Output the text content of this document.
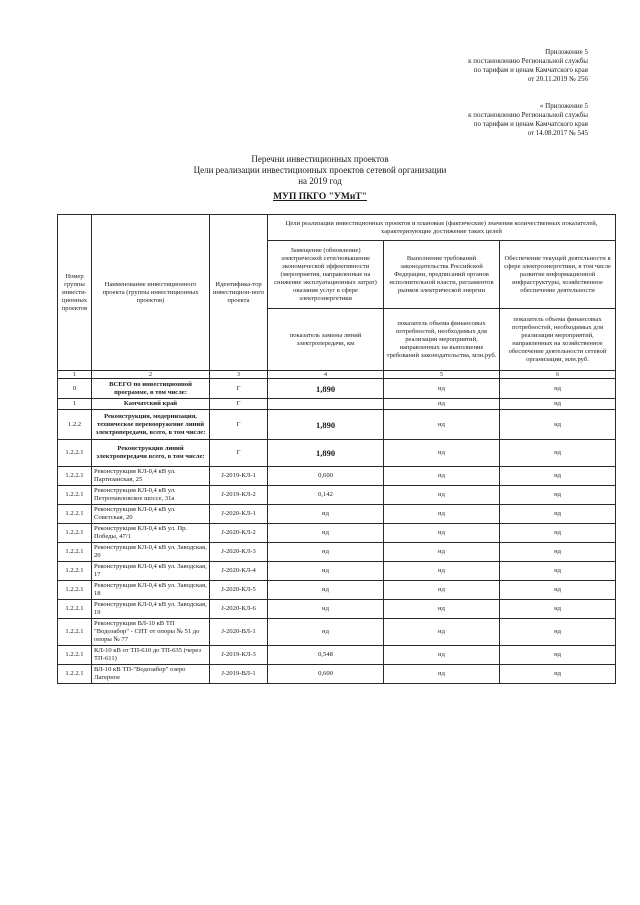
Приложение 5
к постановлению Региональной службы
по тарифам и ценам Камчатского края
от 20.11.2019 № 256
« Приложение 5
к постановлению Региональной службы
по тарифам и ценам Камчатского края
от 14.08.2017 № 545
Перечни инвестиционных проектов
Цели реализации инвестиционных проектов сетевой организации
на 2019 год
МУП ПКГО "УМиТ"
Номер группы инвести-ционных проектов	Наименование инвестиционного проекта (группы инвестиционных проектов)	Идентифика-тор инвестицион-ного проекта	Цели реализации инвестиционных проектов и плановые (фактические) значения количественных показателей, характеризующие достижение таких целей		
			Замещение (обновление) электрической сети/повышение экономической эффективности (мероприятия, направленные на снижение эксплуатационных затрат) оказания услуг в сфере электроэнергетики	Выполнение требований законодательства Российской Федерации, предписаний органов исполнительной власти, регламентов рынков электрической энергии	Обеспечение текущей деятельности в сфере электроэнергетики, в том числе развитие информационной инфраструктуры, хозяйственное обеспечение деятельности
			показатель замены линий электропередачи, км	показатель объема финансовых потребностей, необходимых для реализации мероприятий, направленных на выполнение требований законодательства, млн.руб.	показатель объема финансовых потребностей, необходимых для реализации мероприятий, направленных на хозяйственное обеспечение деятельности сетевой организации, млн.руб.
1	2	3	4	5	6
0	ВСЕГО по инвестиционной программе, в том числе:	Г	1,890	нд	нд
1	Камчатский край	Г		нд	нд
1.2.2	Реконструкция, модернизация, техническое перевооружение линий электропередачи, всего, в том числе:	Г	1,890	нд	нд
1.2.2.1	Реконструкция линий электропередачи всего, в том числе:	Г	1,890	нд	нд
1.2.2.1	Реконструкция КЛ-0,4 кВ ул. Партизанская, 25	J-2019-КЛ-1	0,600	нд	нд
1.2.2.1	Реконструкция КЛ-0,4 кВ ул. Петропавловское шоссе, 31а	J-2019-КЛ-2	0,142	нд	нд
1.2.2.1	Реконструкция КЛ-0,4 кВ ул. Советская, 20	J-2020-КЛ-1	нд	нд	нд
1.2.2.1	Реконструкция КЛ-0,4 кВ ул. Пр. Победы, 47/1	J-2020-КЛ-2	нд	нд	нд
1.2.2.1	Реконструкция КЛ-0,4 кВ ул. Заводская, 20	J-2020-КЛ-3	нд	нд	нд
1.2.2.1	Реконструкция КЛ-0,4 кВ ул. Заводская, 17	J-2020-КЛ-4	нд	нд	нд
1.2.2.1	Реконструкция КЛ-0,4 кВ ул. Заводская, 18	J-2020-КЛ-5	нд	нд	нд
1.2.2.1	Реконструкция КЛ-0,4 кВ ул. Заводская, 19	J-2020-КЛ-6	нд	нд	нд
1.2.2.1	Реконструкция ВЛ-10 кВ ТП "Водозабор" - СНТ от опоры № 51 до опоры № 77	J-2020-ВЛ-1	нд	нд	нд
1.2.2.1	КЛ-10 кВ от ТП-610 до ТП-635 (через ТП-611)	J-2019-КЛ-3	0,548	нд	нд
1.2.2.1	ВЛ-10 кВ ТП-"Водозабор" озеро Лагерное	J-2019-ВЛ-1	0,600	нд	нд
